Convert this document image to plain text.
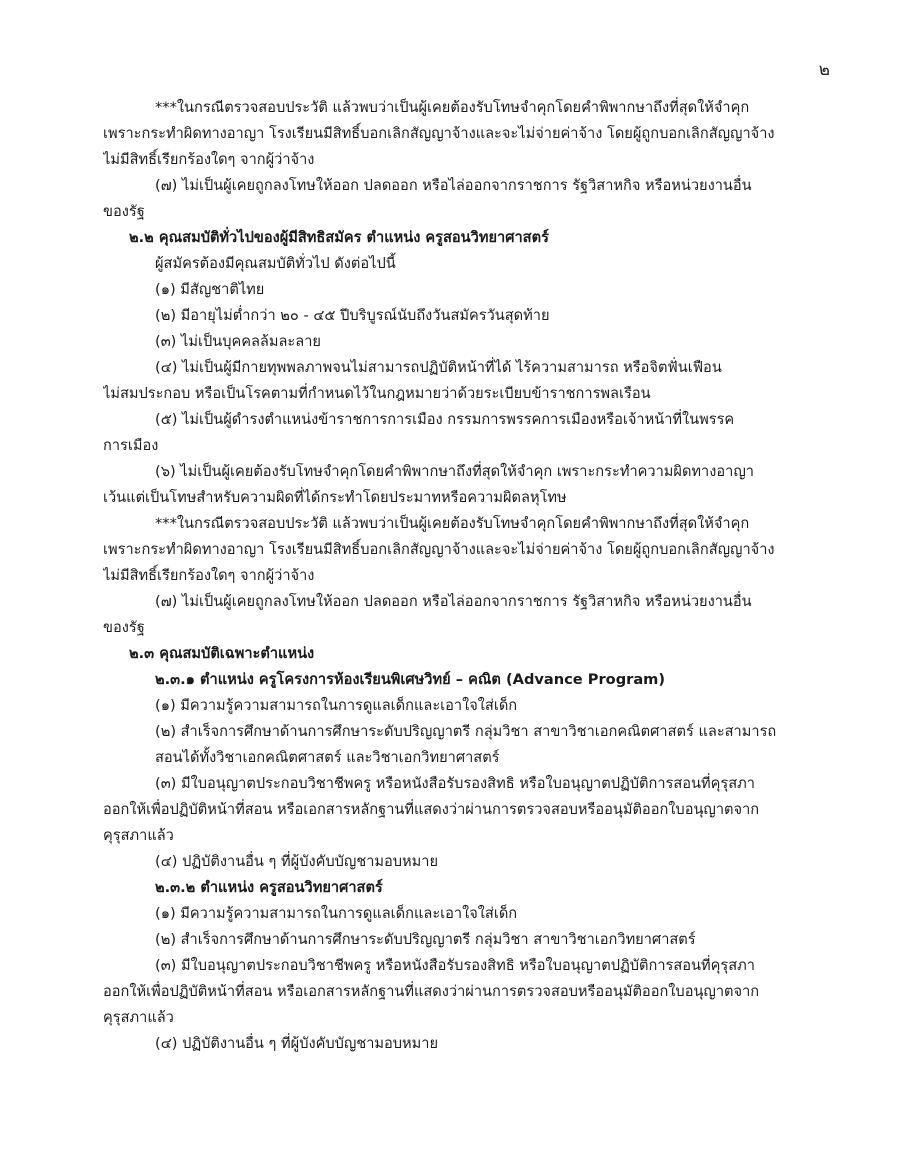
๒
***ในกรณีตรวจสอบประวัติ แล้วพบว่าเป็นผู้เคยต้องรับโทษจำคุกโดยคำพิพากษาถึงที่สุดให้จำคุก
เพราะกระทำผิดทางอาญา โรงเรียนมีสิทธิ์บอกเลิกสัญญาจ้างและจะไม่จ่ายค่าจ้าง โดยผู้ถูกบอกเลิกสัญญาจ้าง
ไม่มีสิทธิ์เรียกร้องใดๆ จากผู้ว่าจ้าง
(๗) ไม่เป็นผู้เคยถูกลงโทษให้ออก ปลดออก หรือไล่ออกจากราชการ รัฐวิสาหกิจ หรือหน่วยงานอื่น
ของรัฐ
๒.๒ คุณสมบัติทั่วไปของผู้มีสิทธิสมัคร ตำแหน่ง ครูสอนวิทยาศาสตร์
ผู้สมัครต้องมีคุณสมบัติทั่วไป ดังต่อไปนี้
(๑) มีสัญชาติไทย
(๒) มีอายุไม่ต่ำกว่า ๒๐ - ๔๕ ปีบริบูรณ์นับถึงวันสมัครวันสุดท้าย
(๓) ไม่เป็นบุคคลล้มละลาย
(๔) ไม่เป็นผู้มีกายทุพพลภาพจนไม่สามารถปฏิบัติหน้าที่ได้ ไร้ความสามารถ หรือจิตฟั่นเฟือน
ไม่สมประกอบ หรือเป็นโรคตามที่กำหนดไว้ในกฎหมายว่าด้วยระเบียบข้าราชการพลเรือน
(๕) ไม่เป็นผู้ดำรงตำแหน่งข้าราชการการเมือง กรรมการพรรคการเมืองหรือเจ้าหน้าที่ในพรรค
การเมือง
(๖) ไม่เป็นผู้เคยต้องรับโทษจำคุกโดยคำพิพากษาถึงที่สุดให้จำคุก เพราะกระทำความผิดทางอาญา
เว้นแต่เป็นโทษสำหรับความผิดที่ได้กระทำโดยประมาทหรือความผิดลหุโทษ
***ในกรณีตรวจสอบประวัติ แล้วพบว่าเป็นผู้เคยต้องรับโทษจำคุกโดยคำพิพากษาถึงที่สุดให้จำคุก
เพราะกระทำผิดทางอาญา โรงเรียนมีสิทธิ์บอกเลิกสัญญาจ้างและจะไม่จ่ายค่าจ้าง โดยผู้ถูกบอกเลิกสัญญาจ้าง
ไม่มีสิทธิ์เรียกร้องใดๆ จากผู้ว่าจ้าง
(๗) ไม่เป็นผู้เคยถูกลงโทษให้ออก ปลดออก หรือไล่ออกจากราชการ รัฐวิสาหกิจ หรือหน่วยงานอื่น
ของรัฐ
๒.๓ คุณสมบัติเฉพาะตำแหน่ง
๒.๓.๑ ตำแหน่ง ครูโครงการห้องเรียนพิเศษวิทย์ – คณิต (Advance Program)
(๑) มีความรู้ความสามารถในการดูแลเด็กและเอาใจใส่เด็ก
(๒) สำเร็จการศึกษาด้านการศึกษาระดับปริญญาตรี กลุ่มวิชา สาขาวิชาเอกคณิตศาสตร์ และสามารถ
สอนได้ทั้งวิชาเอกคณิตศาสตร์ และวิชาเอกวิทยาศาสตร์
(๓) มีใบอนุญาตประกอบวิชาชีพครู หรือหนังสือรับรองสิทธิ หรือใบอนุญาตปฏิบัติการสอนที่คุรุสภา
ออกให้เพื่อปฏิบัติหน้าที่สอน หรือเอกสารหลักฐานที่แสดงว่าผ่านการตรวจสอบหรืออนุมัติออกใบอนุญาตจาก
คุรุสภาแล้ว
(๔) ปฏิบัติงานอื่น ๆ ที่ผู้บังคับบัญชามอบหมาย
๒.๓.๒ ตำแหน่ง ครูสอนวิทยาศาสตร์
(๑) มีความรู้ความสามารถในการดูแลเด็กและเอาใจใส่เด็ก
(๒) สำเร็จการศึกษาด้านการศึกษาระดับปริญญาตรี กลุ่มวิชา สาขาวิชาเอกวิทยาศาสตร์
(๓) มีใบอนุญาตประกอบวิชาชีพครู หรือหนังสือรับรองสิทธิ หรือใบอนุญาตปฏิบัติการสอนที่คุรุสภา
ออกให้เพื่อปฏิบัติหน้าที่สอน หรือเอกสารหลักฐานที่แสดงว่าผ่านการตรวจสอบหรืออนุมัติออกใบอนุญาตจาก
คุรุสภาแล้ว
(๔) ปฏิบัติงานอื่น ๆ ที่ผู้บังคับบัญชามอบหมาย
